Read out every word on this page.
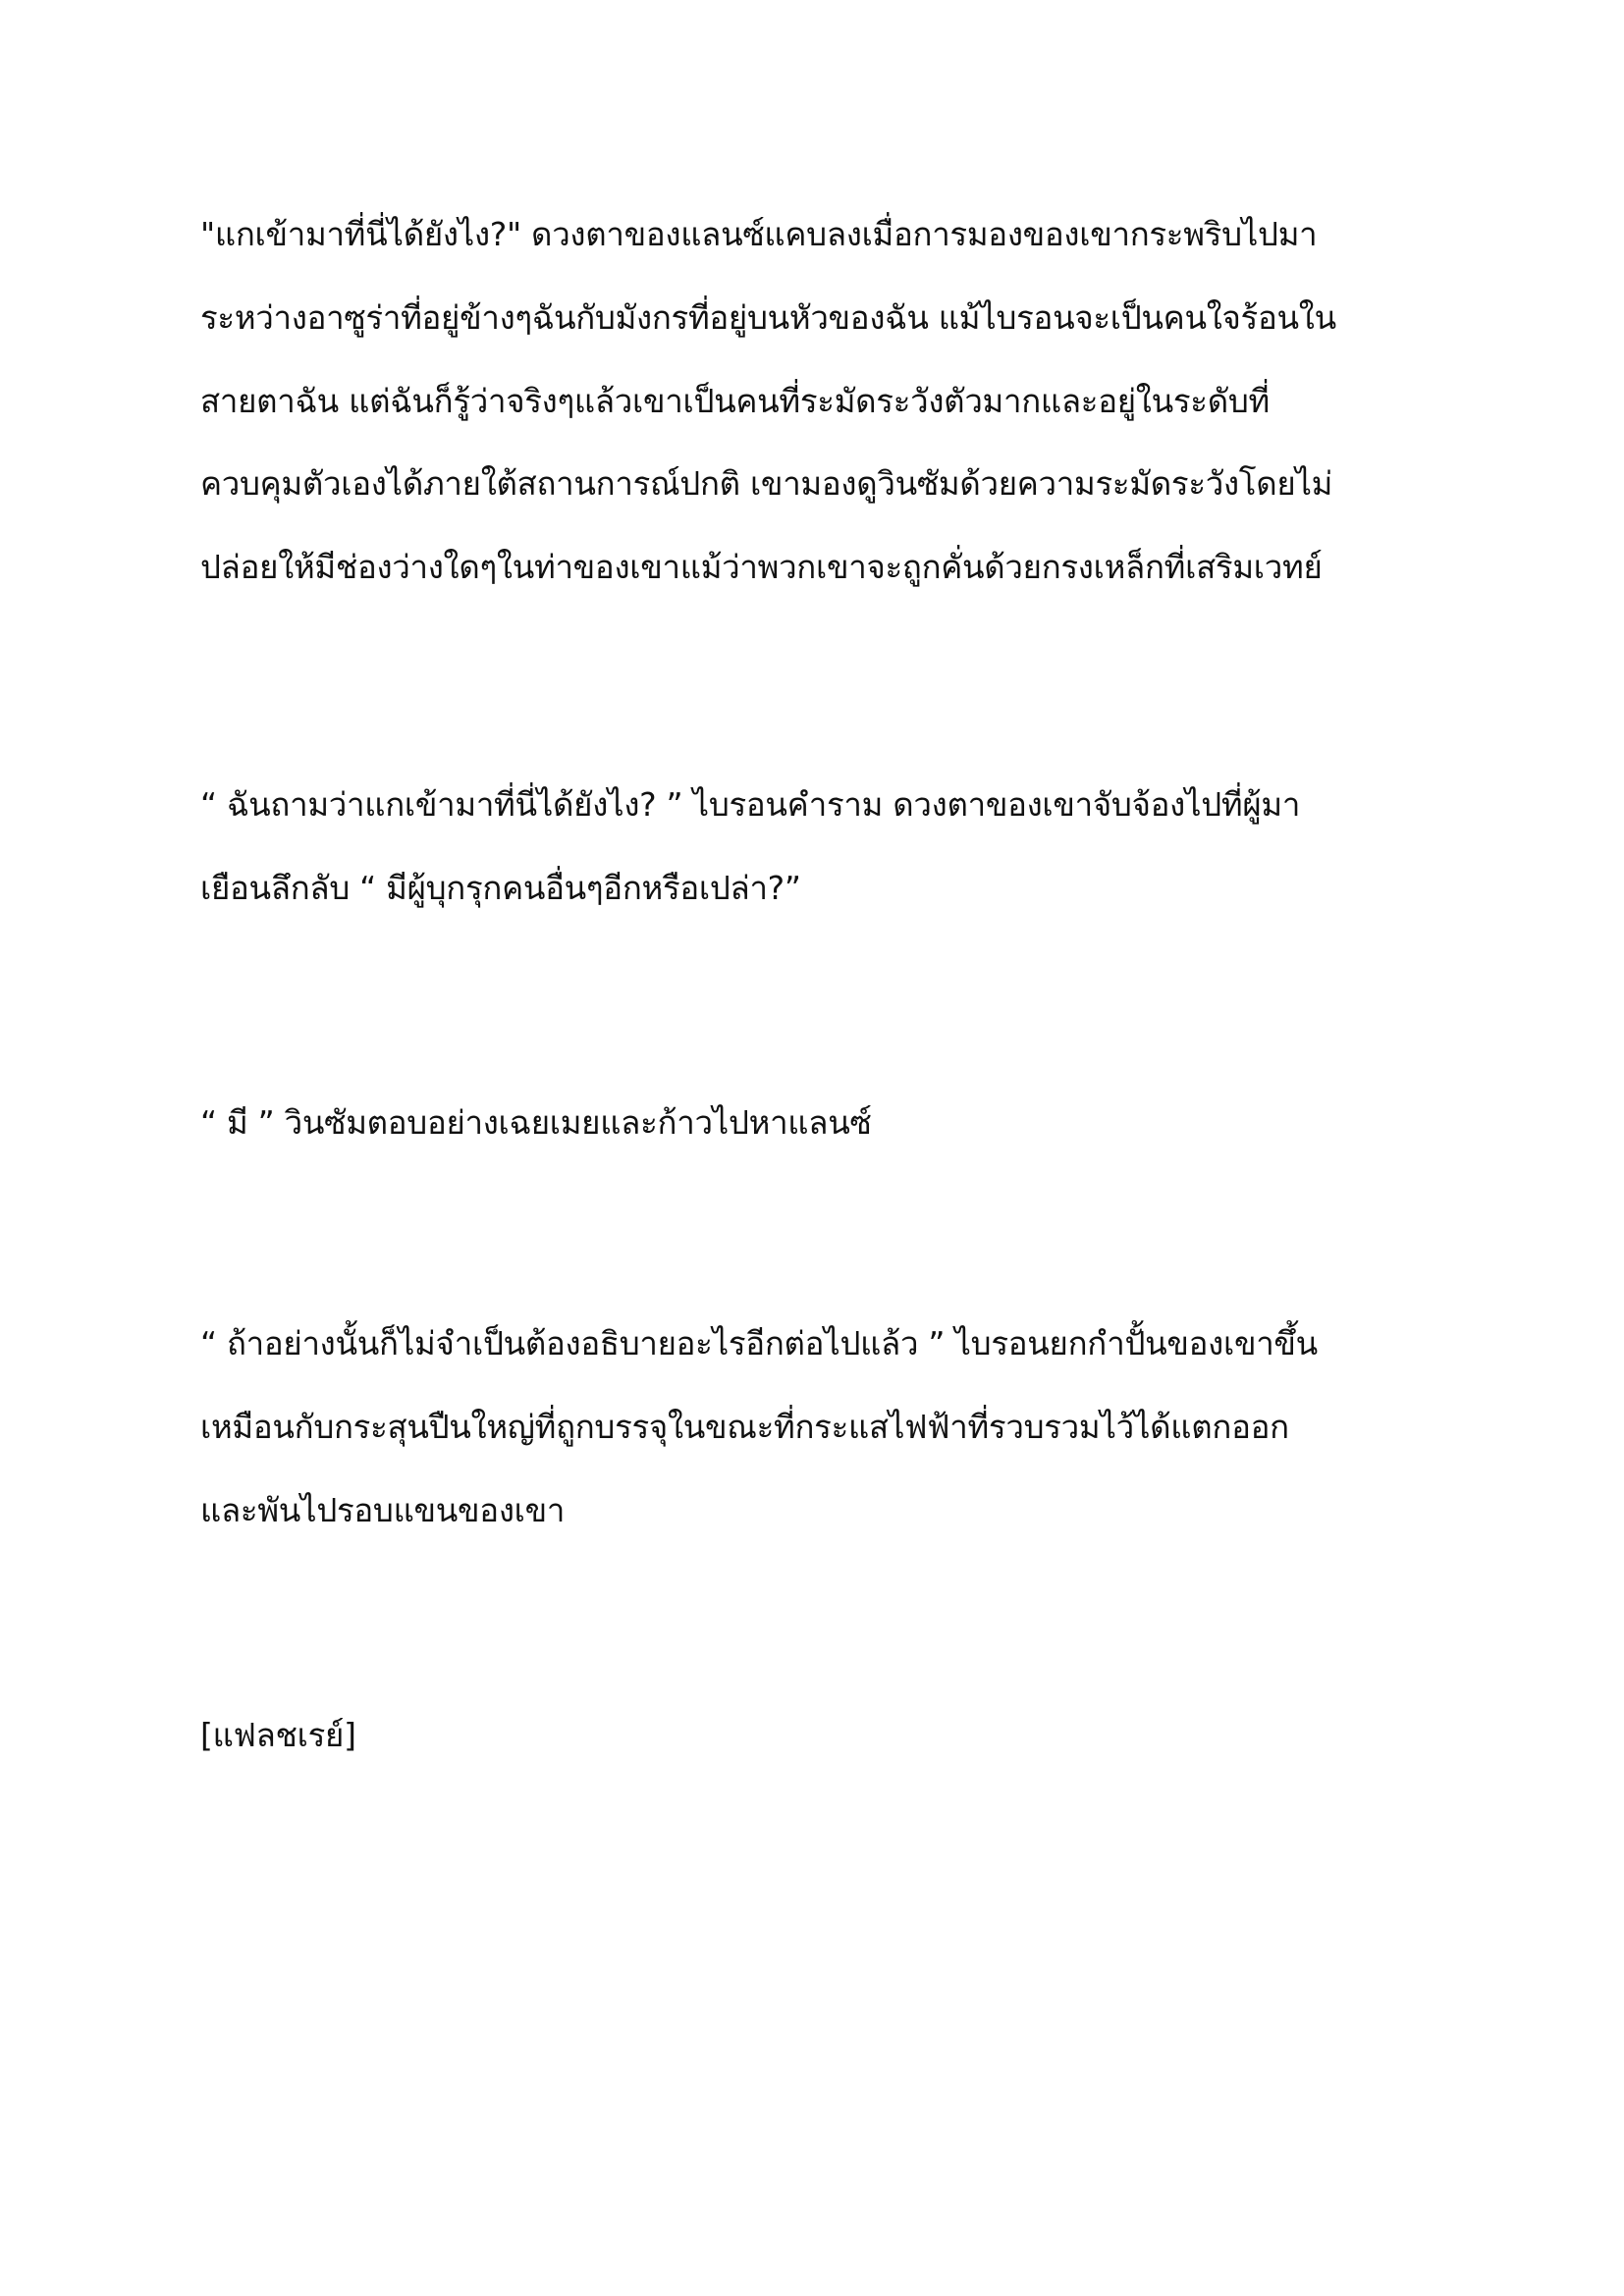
"แกเข้ามาที่นี่ได้ยังไง?" ดวงตาของแลนซ์แคบลงเมื่อการมองของเขากระพริบไปมา
ระหว่างอาซูร่าที่อยู่ข้างๆฉันกับมังกรที่อยู่บนหัวของฉัน แม้ไบรอนจะเป็นคนใจร้อนใน
สายตาฉัน แต่ฉันก็รู้ว่าจริงๆแล้วเขาเป็นคนที่ระมัดระวังตัวมากและอยู่ในระดับที่
ควบคุมตัวเองได้ภายใต้สถานการณ์ปกติ เขามองดูวินซัมด้วยความระมัดระวังโดยไม่
ปล่อยให้มีช่องว่างใดๆในท่าของเขาแม้ว่าพวกเขาจะถูกคั่นด้วยกรงเหล็กที่เสริมเวทย์
“ ฉันถามว่าแกเข้ามาที่นี่ได้ยังไง? ” ไบรอนคำราม ดวงตาของเขาจับจ้องไปที่ผู้มา
เยือนลึกลับ “ มีผู้บุกรุกคนอื่นๆอีกหรือเปล่า?”
“ มี ” วินซัมตอบอย่างเฉยเมยและก้าวไปหาแลนซ์
“ ถ้าอย่างนั้นก็ไม่จำเป็นต้องอธิบายอะไรอีกต่อไปแล้ว ” ไบรอนยกกำปั้นของเขาขึ้น
เหมือนกับกระสุนปืนใหญ่ที่ถูกบรรจุในขณะที่กระแสไฟฟ้าที่รวบรวมไว้ได้แตกออก
และพันไปรอบแขนของเขา
[แฟลชเรย์]
